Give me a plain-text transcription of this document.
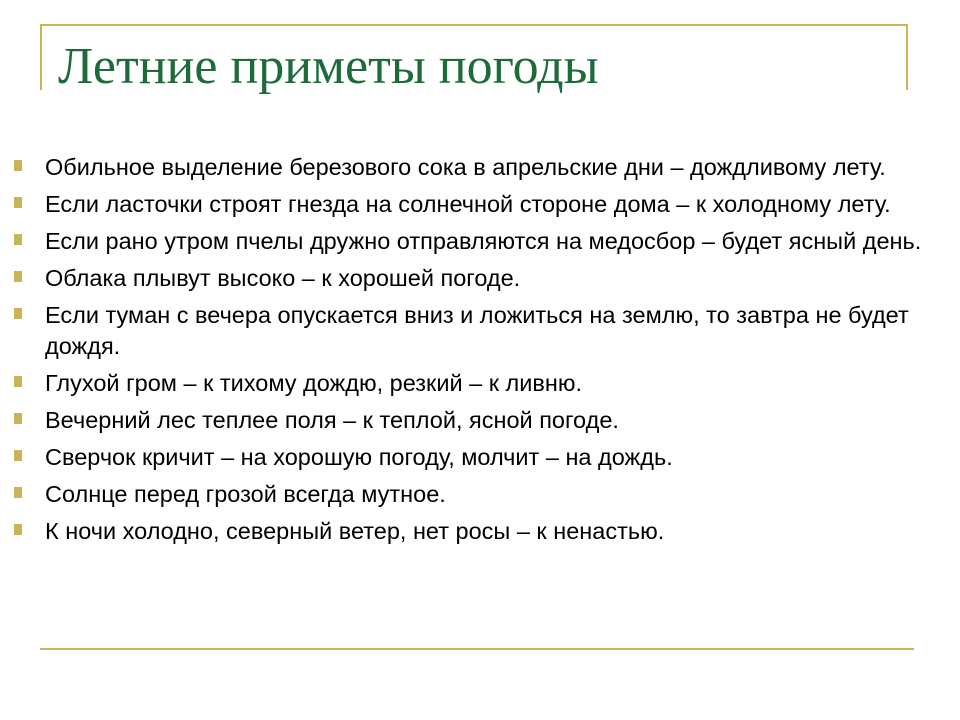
Летние приметы погоды
Обильное выделение березового сока в апрельские дни – дождливому лету.
Если ласточки строят гнезда на солнечной стороне дома – к холодному лету.
Если рано утром пчелы дружно отправляются на медосбор – будет ясный день.
Облака плывут высоко – к хорошей погоде.
Если туман с вечера опускается вниз и ложиться на землю, то завтра не будет дождя.
Глухой гром – к тихому дождю, резкий – к ливню.
Вечерний лес теплее поля – к теплой, ясной погоде.
Сверчок кричит – на хорошую погоду, молчит – на дождь.
Солнце перед грозой всегда мутное.
К ночи холодно, северный ветер, нет росы – к ненастью.
